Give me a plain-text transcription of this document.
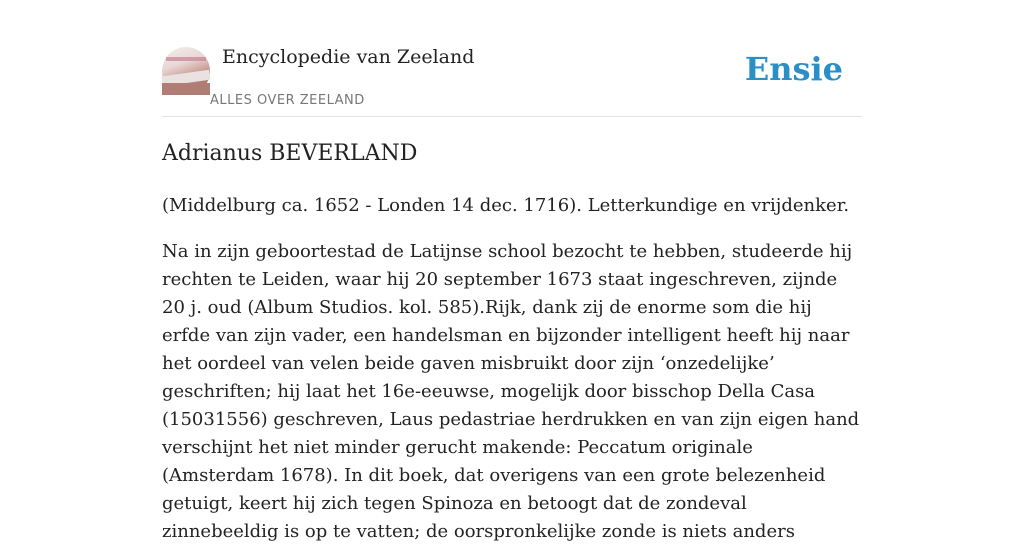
Encyclopedie van Zeeland
ALLES OVER ZEELAND
Ensie
Adrianus BEVERLAND

(Middelburg ca. 1652 - Londen 14 dec. 1716). Letterkundige en vrijdenker.

Na in zijn geboortestad de Latijnse school bezocht te hebben, studeerde hij rechten te Leiden, waar hij 20 september 1673 staat ingeschreven, zijnde 20 j. oud (Album Studios. kol. 585).Rijk, dank zij de enorme som die hij erfde van zijn vader, een handelsman en bijzonder intelligent heeft hij naar het oordeel van velen beide gaven misbruikt door zijn ‘onzedelijke’ geschriften; hij laat het 16e-eeuwse, mogelijk door bisschop Della Casa (15031556) geschreven, Laus pedastriae herdrukken en van zijn eigen hand verschijnt het niet minder gerucht makende: Peccatum originale (Amsterdam 1678). In dit boek, dat overigens van een grote belezenheid getuigt, keert hij zich tegen Spinoza en betoogt dat de zondeval zinnebeeldig is op te vatten; de oorspronkelijke zonde is niets anders
